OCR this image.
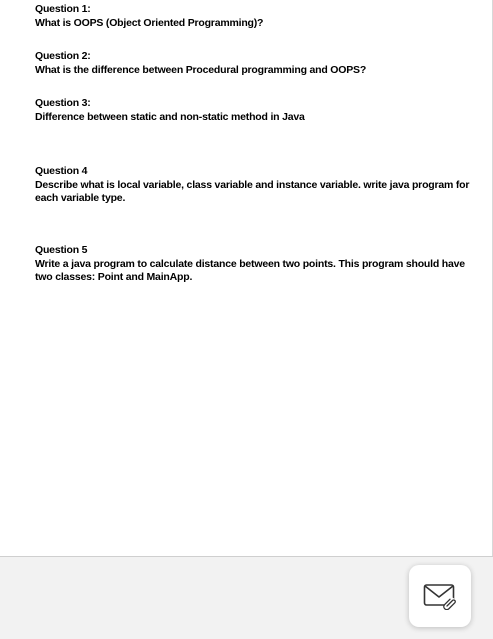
Question 1:
What is OOPS (Object Oriented Programming)?
Question 2:
What is the difference between Procedural programming and OOPS?
Question 3:
Difference between static and non-static method in Java
Question 4
Describe what is local variable, class variable and instance variable. write java program for each variable type.
Question 5
Write a java program to calculate distance between two points. This program should have two classes: Point and MainApp.
